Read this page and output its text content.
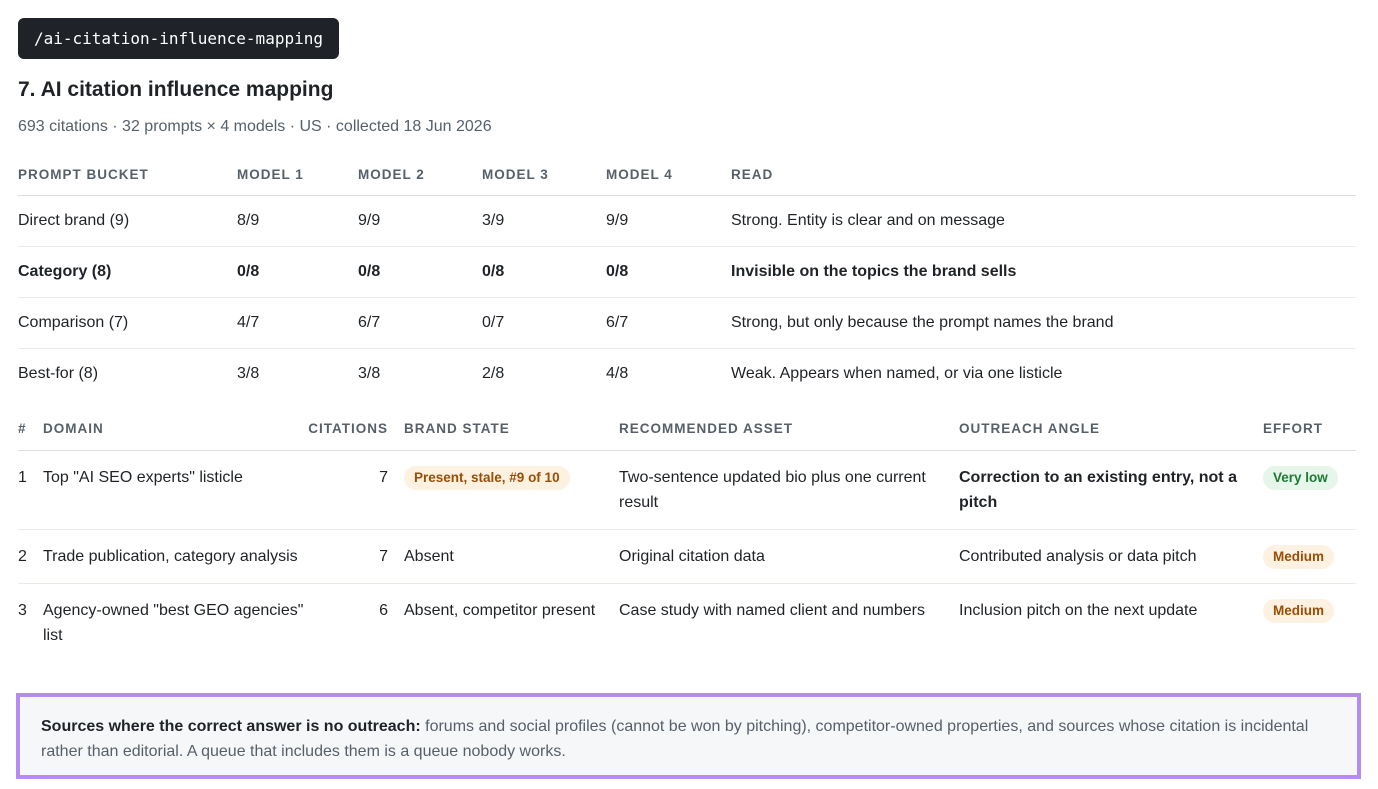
/ai-citation-influence-mapping
7. AI citation influence mapping

693 citations · 32 prompts × 4 models · US · collected 18 Jun 2026

PROMPT BUCKET	MODEL 1	MODEL 2	MODEL 3	MODEL 4	READ
Direct brand (9)	8/9	9/9	3/9	9/9	Strong. Entity is clear and on message
Category (8)	0/8	0/8	0/8	0/8	Invisible on the topics the brand sells
Comparison (7)	4/7	6/7	0/7	6/7	Strong, but only because the prompt names the brand
Best-for (8)	3/8	3/8	2/8	4/8	Weak. Appears when named, or via one listicle
#	DOMAIN	CITATIONS	BRAND STATE	RECOMMENDED ASSET	OUTREACH ANGLE	EFFORT
1	Top "AI SEO experts" listicle	7	Present, stale, #9 of 10	Two-sentence updated bio plus one current result	Correction to an existing entry, not a pitch	Very low
2	Trade publication, category analysis	7	Absent	Original citation data	Contributed analysis or data pitch	Medium
3	Agency-owned "best GEO agencies" list	6	Absent, competitor present	Case study with named client and numbers	Inclusion pitch on the next update	Medium
Sources where the correct answer is no outreach: forums and social profiles (cannot be won by pitching), competitor-owned properties, and sources whose citation is incidental rather than editorial. A queue that includes them is a queue nobody works.
